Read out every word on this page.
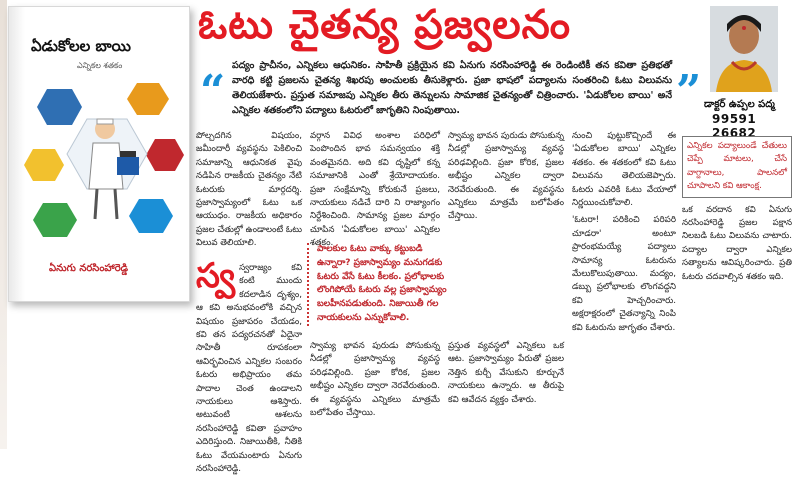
ఏడుకోలల బాయి
ఎన్నికల శతకం
ఏనుగు నరసింహారెడ్డి
ఓటు చైతన్య ప్రజ్వలనం
డాక్టర్ ఉప్పల పద్మ
99591 26682
“	”
పద్యం ప్రాచీనం, ఎన్నికలు ఆధునికం. సాహితీ ప్రక్రియైన కవి ఏనుగు నరసింహారెడ్డి ఈ రెండింటికీ తన కవితా ప్రతిభతో వారధి కట్టి ప్రజలను చైతన్య శిఖరపు అంచులకు తీసుకెళ్లారు. ప్రజా భాషలో పద్యాలను సంతరించి ఓటు విలువను తెలియజేశారు. ప్రస్తుత సమాజపు ఎన్నికల తీరు తెన్నులను సామాజిక చైతన్యంతో చిత్రించారు. 'ఏడుకోలల బాయి' అనే ఎన్నికల శతకంలోని పద్యాలు ఓటరులో జాగృతిని నింపుతాయి.
స్వ స్వరాజ్యం కవి కంటి ముందు కదలాడిన దృశ్యం, ఆ కవి అనుభవంలోకి వచ్చిన విషయం ప్రజాపరం చేయడం, కవి తన పద్యరచనతో ఏదైనా సాహితీ రూపకంలా ఆవిర్భవించిన ఎన్నికల సంబరం ఓటరు అభిప్రాయం తమ పాదాల చెంత ఉండాలని నాయకులు ఆశిస్తారు. అటువంటి ఆశలను నరసింహారెడ్డి కవితా ప్రవాహం ఎదిరిస్తుంది. నిజాయితీకి, నీతికి ఓటు వేయమంటారు ఏనుగు నరసింహారెడ్డి.

వర్గాన వివిధ అంశాల పరిధిలో పెంపొందిన భావ సమన్వయం శక్తి వంతమైనది. అది కవి దృష్టిలో కన్న సమాజానికి ఎంతో శ్రేయోదాయకం. ప్రజా సంక్షేమాన్ని కోరుకునే ప్రజలు, నాయకులు నడిచే దారి ని రాజ్యాంగం నిర్దేశించింది. సామాన్య ప్రజల మార్గం చూపిన 'ఏడుకోలల బాయి' ఎన్నికల శతకం.

పోల్చదగిన విషయం, జమీందారీ వ్యవస్థను పెకిలించి సమాజాన్ని ఆధునికత వైపు నడిపిన రాజకీయ చైతన్యం నేటి ఓటరుకు మార్గదర్శి. ప్రజాస్వామ్యంలో ఓటు ఒక ఆయుధం. రాజకీయ అధికారం ప్రజల చేతుల్లో ఉండాలంటే ఓటు విలువ తెలియాలి.

స్వామ్య భావన పురుడు పోసుకున్న నీడల్లో ప్రజాస్వామ్య వ్యవస్థ పరిఢవిల్లింది. ప్రజా కోరిక, ప్రజల అభీష్టం ఎన్నికల ద్వారా నెరవేరుతుంది. ఈ వ్యవస్థను ఎన్నికలు మాత్రమే బలోపేతం చేస్తాయి.

ప్రస్తుత వ్యవస్థలో ఎన్నికలు ఒక ఆట. ప్రజాస్వామ్యం పేరుతో ప్రజల నెత్తిన కుర్చీ వేసుకుని కూర్చునే నాయకులు ఉన్నారు. ఆ తీరుపై కవి ఆవేదన వ్యక్తం చేశారు.

పాలకుల ఓటు వాక్కు కట్టుబడి ఉన్నారా? ప్రజాస్వామ్యం మనుగడకు ఓటరు వేసే ఓటు కీలకం. ప్రలోభాలకు లొంగిపోయే ఓటరు వల్ల ప్రజాస్వామ్యం బలహీనపడుతుంది. నిజాయితీ గల నాయకులను ఎన్నుకోవాలి.

నుంచి పుట్టుకొచ్చిందే ఈ 'ఏడుకోలల బాయి' ఎన్నికల శతకం. ఈ శతకంలో కవి ఓటు విలువను తెలియజెప్పారు. ఓటరు ఎవరికి ఓటు వేయాలో నిర్ణయించుకోవాలి.

'ఓటరా! పరికించి పరిపరి చూడరా' అంటూ ప్రారంభమయ్యే పద్యాలు సామాన్య ఓటరును మేలుకొలుపుతాయి. మద్యం, డబ్బు ప్రలోభాలకు లొంగవద్దని కవి హెచ్చరించారు. అక్షరాక్షరంలో చైతన్యాన్ని నింపి కవి ఓటరును జాగృతం చేశారు.

స్వామ్య భావన పురుడు పోసుకున్న నీడల్లో ప్రజాస్వామ్య వ్యవస్థ పరిఢవిల్లింది. ప్రజా కోరిక, ప్రజల అభీష్టం ఎన్నికల ద్వారా నెరవేరుతుంది. ఈ వ్యవస్థను ఎన్నికలు మాత్రమే బలోపేతం చేస్తాయి.

ఎన్నికల పద్యాలుండే చేతులు చెప్పే మాటలు, చేసే వాగ్దానాలు, పాలనలో చూపాలని కవి ఆకాంక్ష.
ఒక వరదాన కవి ఏనుగు నరసింహారెడ్డి ప్రజల పక్షాన నిలబడి ఓటు విలువను చాటారు. పద్యాల ద్వారా ఎన్నికల సత్యాలను ఆవిష్కరించారు. ప్రతి ఓటరు చదవాల్సిన శతకం ఇది.
